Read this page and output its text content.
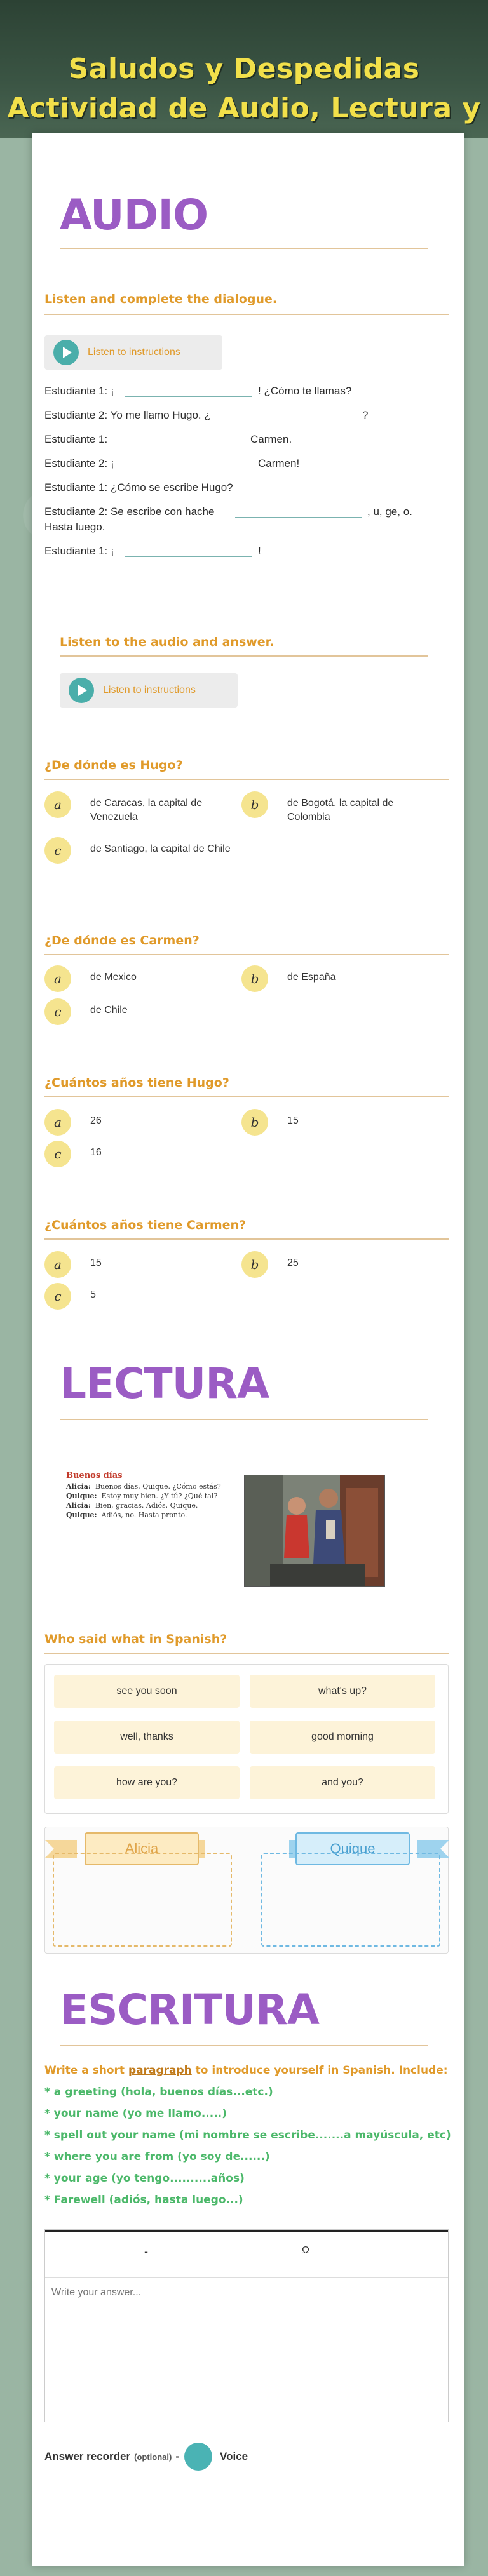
Saludos y Despedidas Actividad de Audio, Lectura y
AUDIO
Listen and complete the dialogue.
Listen to instructions
Estudiante 1: ¡	! ¿Cómo te llamas?
Estudiante 2: Yo me llamo Hugo. ¿	?
Estudiante 1:	Carmen.
Estudiante 2: ¡	Carmen!
Estudiante 1: ¿Cómo se escribe Hugo?
Estudiante 2: Se escribe con hache	, u, ge, o.
Hasta luego.
Estudiante 1: ¡	!
Listen to the audio and answer.
Listen to instructions
¿De dónde es Hugo?
a	de Caracas, la capital de Venezuela
b	de Bogotá, la capital de Colombia
c	de Santiago, la capital de Chile
¿De dónde es Carmen?
a	de Mexico	b	de España
c	de Chile
¿Cuántos años tiene Hugo?
a	26	b	15
c	16
¿Cuántos años tiene Carmen?
a	15	b	25
c	5
LECTURA
Buenos días
Alicia: Buenos días, Quique. ¿Cómo estás?
Quique: Estoy muy bien. ¿Y tú? ¿Qué tal?
Alicia: Bien, gracias. Adiós, Quique.
Quique: Adiós, no. Hasta pronto.
Who said what in Spanish?
see you soon	what's up?
well, thanks	good morning
how are you?	and you?
Alicia	Quique
ESCRITURA
Write a short paragraph to introduce yourself in Spanish. Include:
* a greeting (hola, buenos días...etc.)
* your name (yo me llamo.....)
* spell out your name (mi nombre se escribe.......a mayúscula, etc)
* where you are from (yo soy de......)
* your age (yo tengo..........años)
* Farewell (adiós, hasta luego...)
-	Ω
Write your answer...
Answer recorder (optional) -	Voice
